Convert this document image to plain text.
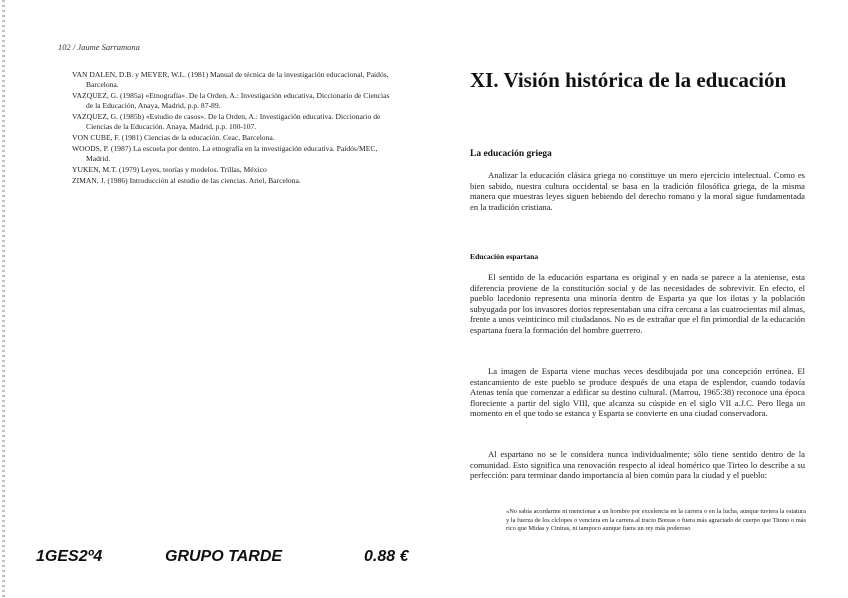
102 / Jaume Sarramona
VAN DALEN, D.B. y MEYER, W.L. (1981) Manual de técnica de la investigación educacional, Paidós, Barcelona.
VAZQUEZ, G. (1985a) «Etnografía». De la Orden, A.: Investigación educativa, Diccionario de Ciencias de la Educación, Anaya, Madrid, p.p. 87-89.
VAZQUEZ, G. (1985b) «Estudio de casos». De la Orden, A.: Investigación educativa. Diccionario de Ciencias de la Educación. Anaya, Madrid, p.p. 100-107.
VON CUBE, F. (1981) Ciencias de la educación. Ceac, Barcelona.
WOODS, P. (1987) La escuela por dentro. La etnografía en la investigación educativa. Paidós/MEC, Madrid.
YUKEN, M.T. (1979) Leyes, teorías y modelos. Trillas, México
ZIMAN, J. (1986) Introducción al estudio de las ciencias. Ariel, Barcelona.
1GES2º4	GRUPO TARDE	0.88 €
XI. Visión histórica de la educación
La educación griega

Analizar la educación clásica griega no constituye un mero ejercicio intelectual. Como es bien sabido, nuestra cultura occidental se basa en la tradición filosófica griega, de la misma manera que muestras leyes siguen bebiendo del derecho romano y la moral sigue fundamentada en la tradición cristiana.

Educación espartana

El sentido de la educación espartana es original y en nada se parece a la ateniense, esta diferencia proviene de la constitución social y de las necesidades de sobrevivir. En efecto, el pueblo lacedonio representa una minoría dentro de Esparta ya que los ilotas y la población subyugada por los invasores dorios representaban una cifra cercana a las cuatrocientas mil almas, frente a unos veinticinco mil ciudadanos. No es de extrañar que el fin primordial de la educación espartana fuera la formación del hombre guerrero.

La imagen de Esparta viene muchas veces desdibujada por una concepción errónea. El estancamiento de este pueblo se produce después de una etapa de esplendor, cuando todavía Atenas tenía que comenzar a edificar su destino cultural. (Marrou, 1965:38) reconoce una época floreciente a partir del siglo VIII, que alcanza su cúspide en el siglo VII a.J.C. Pero llega un momento en el que todo se estanca y Esparta se convierte en una ciudad conservadora.

Al espartano no se le considera nunca individualmente; sólo tiene sentido dentro de la comunidad. Esto significa una renovación respecto al ideal homérico que Tirteo lo describe a su perfección: para terminar dando importancia al bien común para la ciudad y el pueblo:

«No sabía acordarme ni mencionar a un hombre por excelencia en la carrera o en la lucha, aunque tuviera la estatura y la fuerza de los cíclopes o venciera en la carrera al tracio Boreas o fuera más agraciado de cuerpo que Titono o más rico que Midas y Ciniras, ni tampoco aunque fuera un rey más poderoso
